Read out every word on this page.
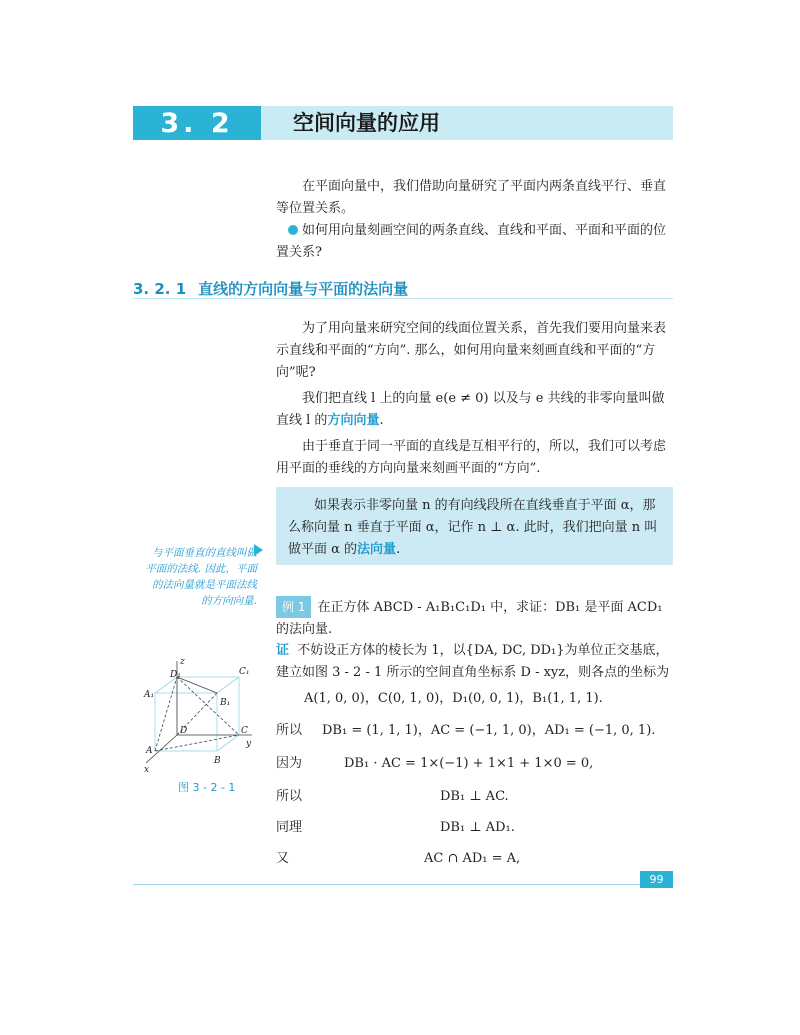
3. 2	空间向量的应用
在平面向量中，我们借助向量研究了平面内两条直线平行、垂直等位置关系。
如何用向量刻画空间的两条直线、直线和平面、平面和平面的位置关系?
3. 2. 1 直线的方向向量与平面的法向量
为了用向量来研究空间的线面位置关系，首先我们要用向量来表示直线和平面的“方向”. 那么，如何用向量来刻画直线和平面的“方向”呢?
我们把直线 l 上的向量 e(e ≠ 0) 以及与 e 共线的非零向量叫做直线 l 的方向向量.
由于垂直于同一平面的直线是互相平行的，所以，我们可以考虑用平面的垂线的方向向量来刻画平面的“方向”.

如果表示非零向量 n 的有向线段所在直线垂直于平面 α，那么称向量 n 垂直于平面 α，记作 n ⊥ α. 此时，我们把向量 n 叫做平面 α 的法向量.

与平面垂直的直线叫做平面的法线. 因此，平面的法向量就是平面法线的方向向量.	例 1 在正方体 ABCD - A₁B₁C₁D₁ 中，求证：DB₁ 是平面 ACD₁ 的法向量.
证 不妨设正方体的棱长为 1，以{DA, DC, DD₁}为单位正交基底，建立如图 3 - 2 - 1 所示的空间直角坐标系 D - xyz，则各点的坐标为
A(1, 0, 0)，C(0, 1, 0)，D₁(0, 0, 1)，B₁(1, 1, 1).
所以	DB₁ = (1, 1, 1)，AC = (−1, 1, 0)，AD₁ = (−1, 0, 1).
因为	DB₁ · AC = 1×(−1) + 1×1 + 1×0 = 0,
所以	DB₁ ⊥ AC.
同理	DB₁ ⊥ AD₁.
又	AC ∩ AD₁ = A,
z
y
x
D₁	C₁
A₁
B₁
D	C
A
B
图 3 - 2 - 1
99
